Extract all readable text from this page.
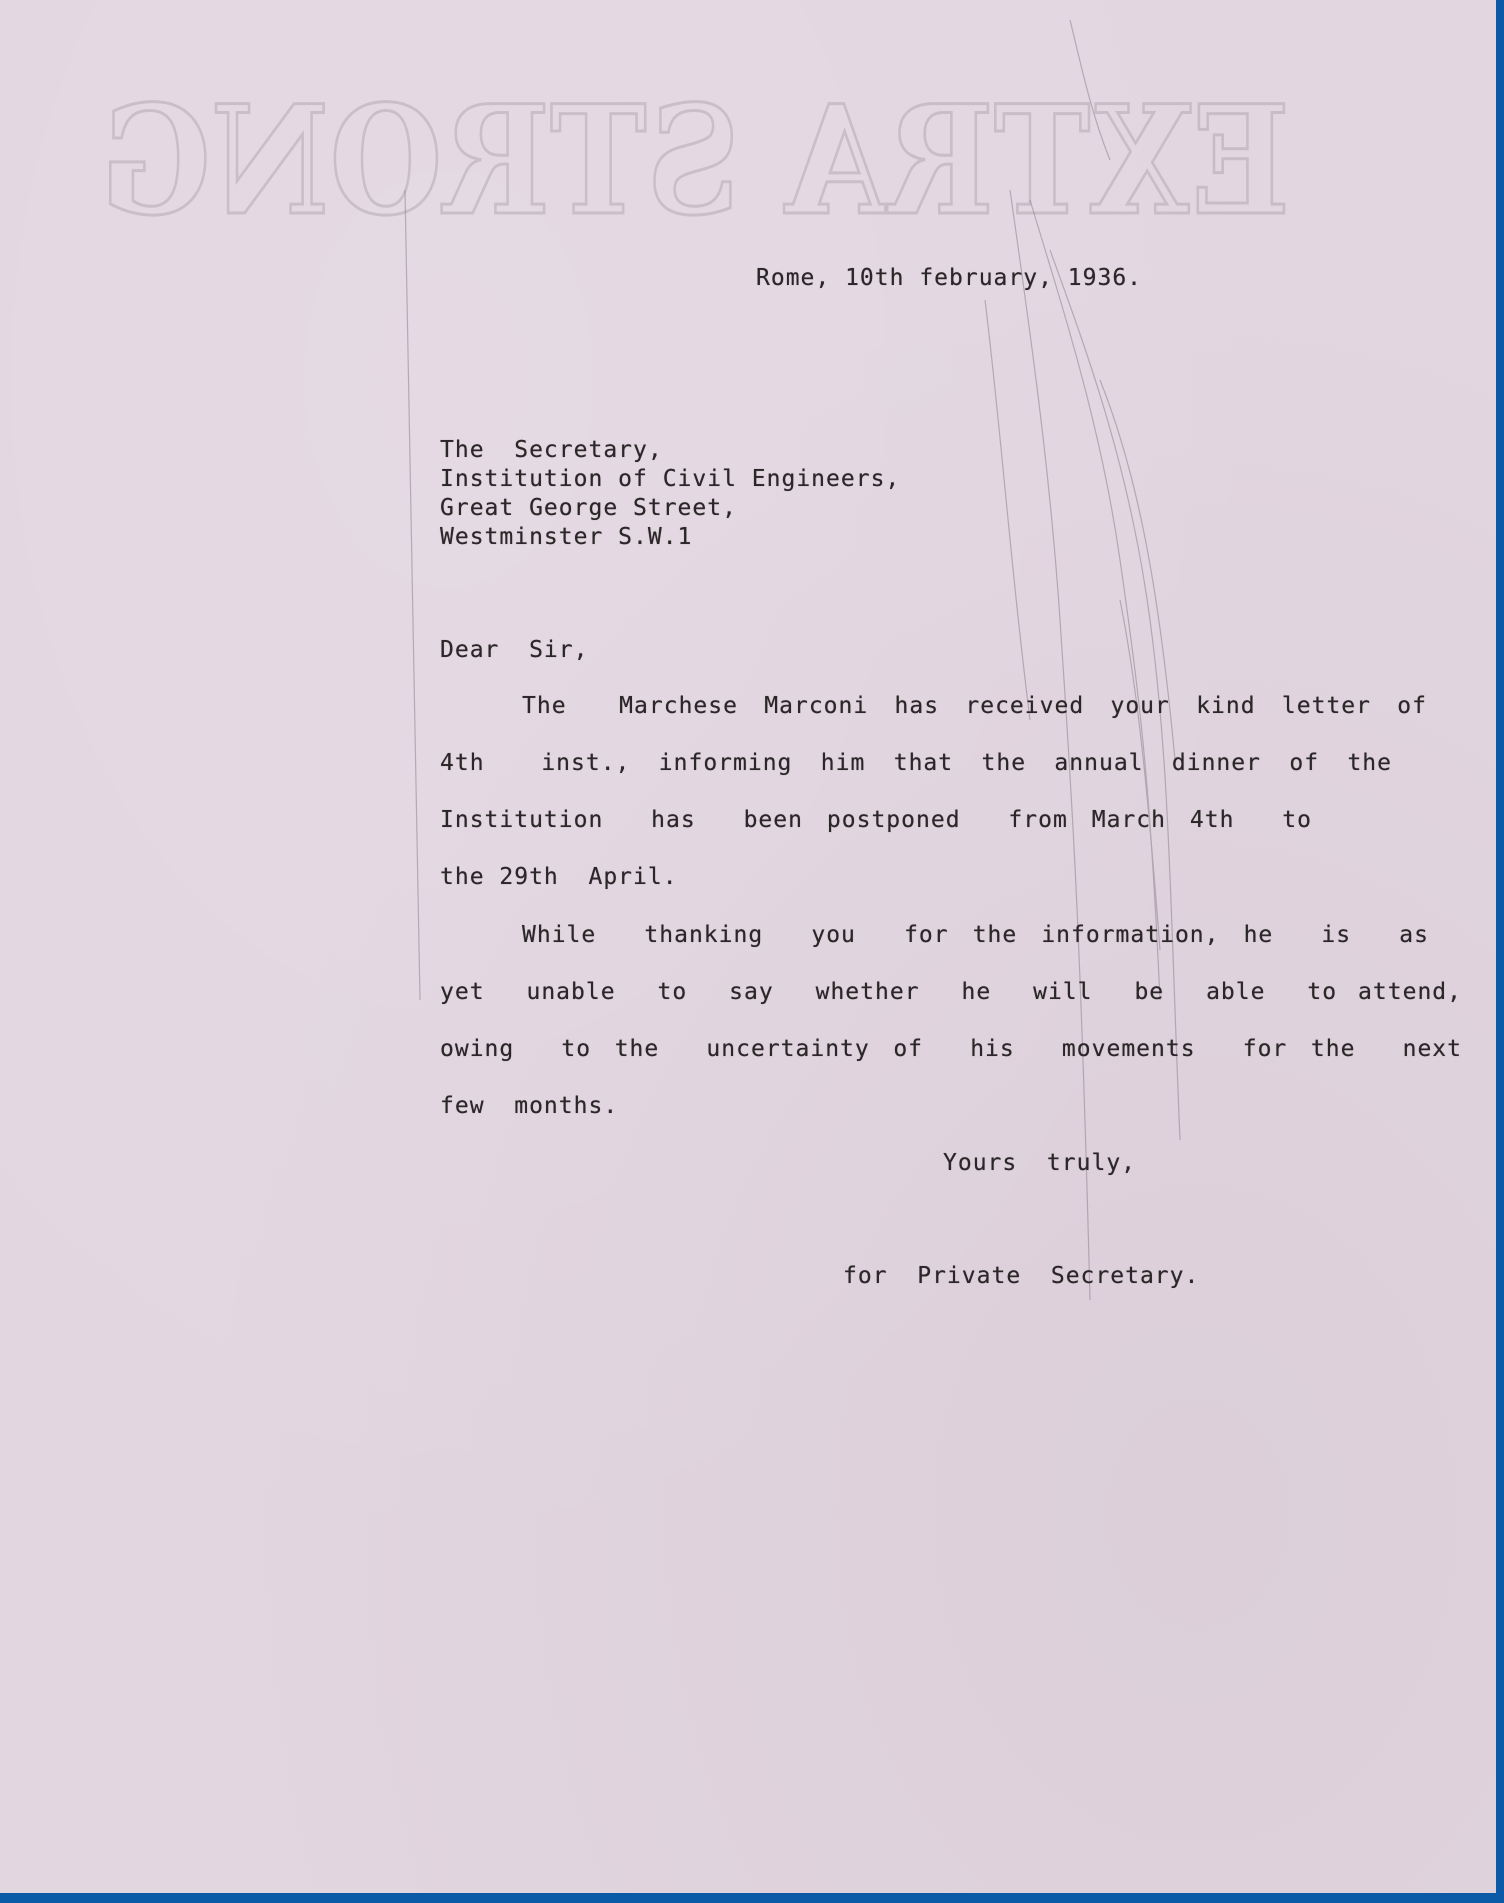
EXTRA STRONG
Rome, 10th february, 1936.
The  Secretary,
Institution of Civil Engineers,
Great George Street,
Westminster S.W.1
Dear  Sir,
The  Marchese Marconi has received your kind letter of
4th  inst., informing him that the annual dinner of the
Institution  has  been postponed  from March 4th  to
the 29th  April.
While  thanking  you  for the information, he  is  as
yet  unable  to  say  whether  he  will  be  able  to attend,
owing  to the  uncertainty of  his  movements  for the  next
few  months.
Yours  truly,
for  Private  Secretary.
